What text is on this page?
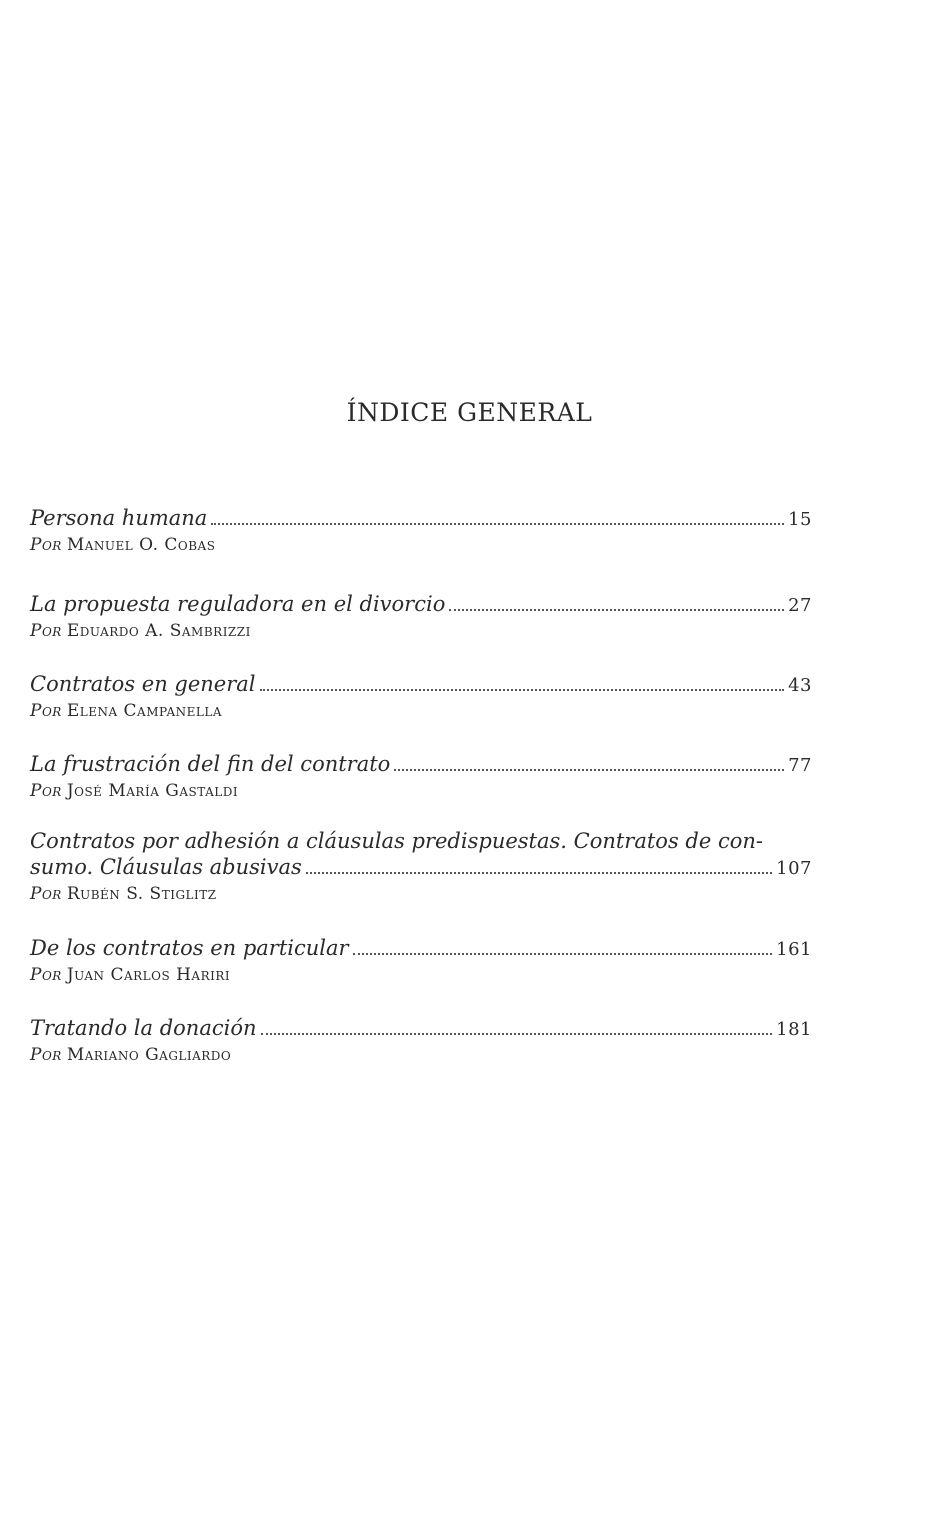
ÍNDICE GENERAL
Persona humana	15
Por Manuel O. Cobas
La propuesta reguladora en el divorcio	27
Por Eduardo A. Sambrizzi
Contratos en general	43
Por Elena Campanella
La frustración del fin del contrato	77
Por José María Gastaldi
Contratos por adhesión a cláusulas predispuestas. Contratos de con-
sumo. Cláusulas abusivas	107
Por Rubén S. Stiglitz
De los contratos en particular	161
Por Juan Carlos Hariri
Tratando la donación	181
Por Mariano Gagliardo
